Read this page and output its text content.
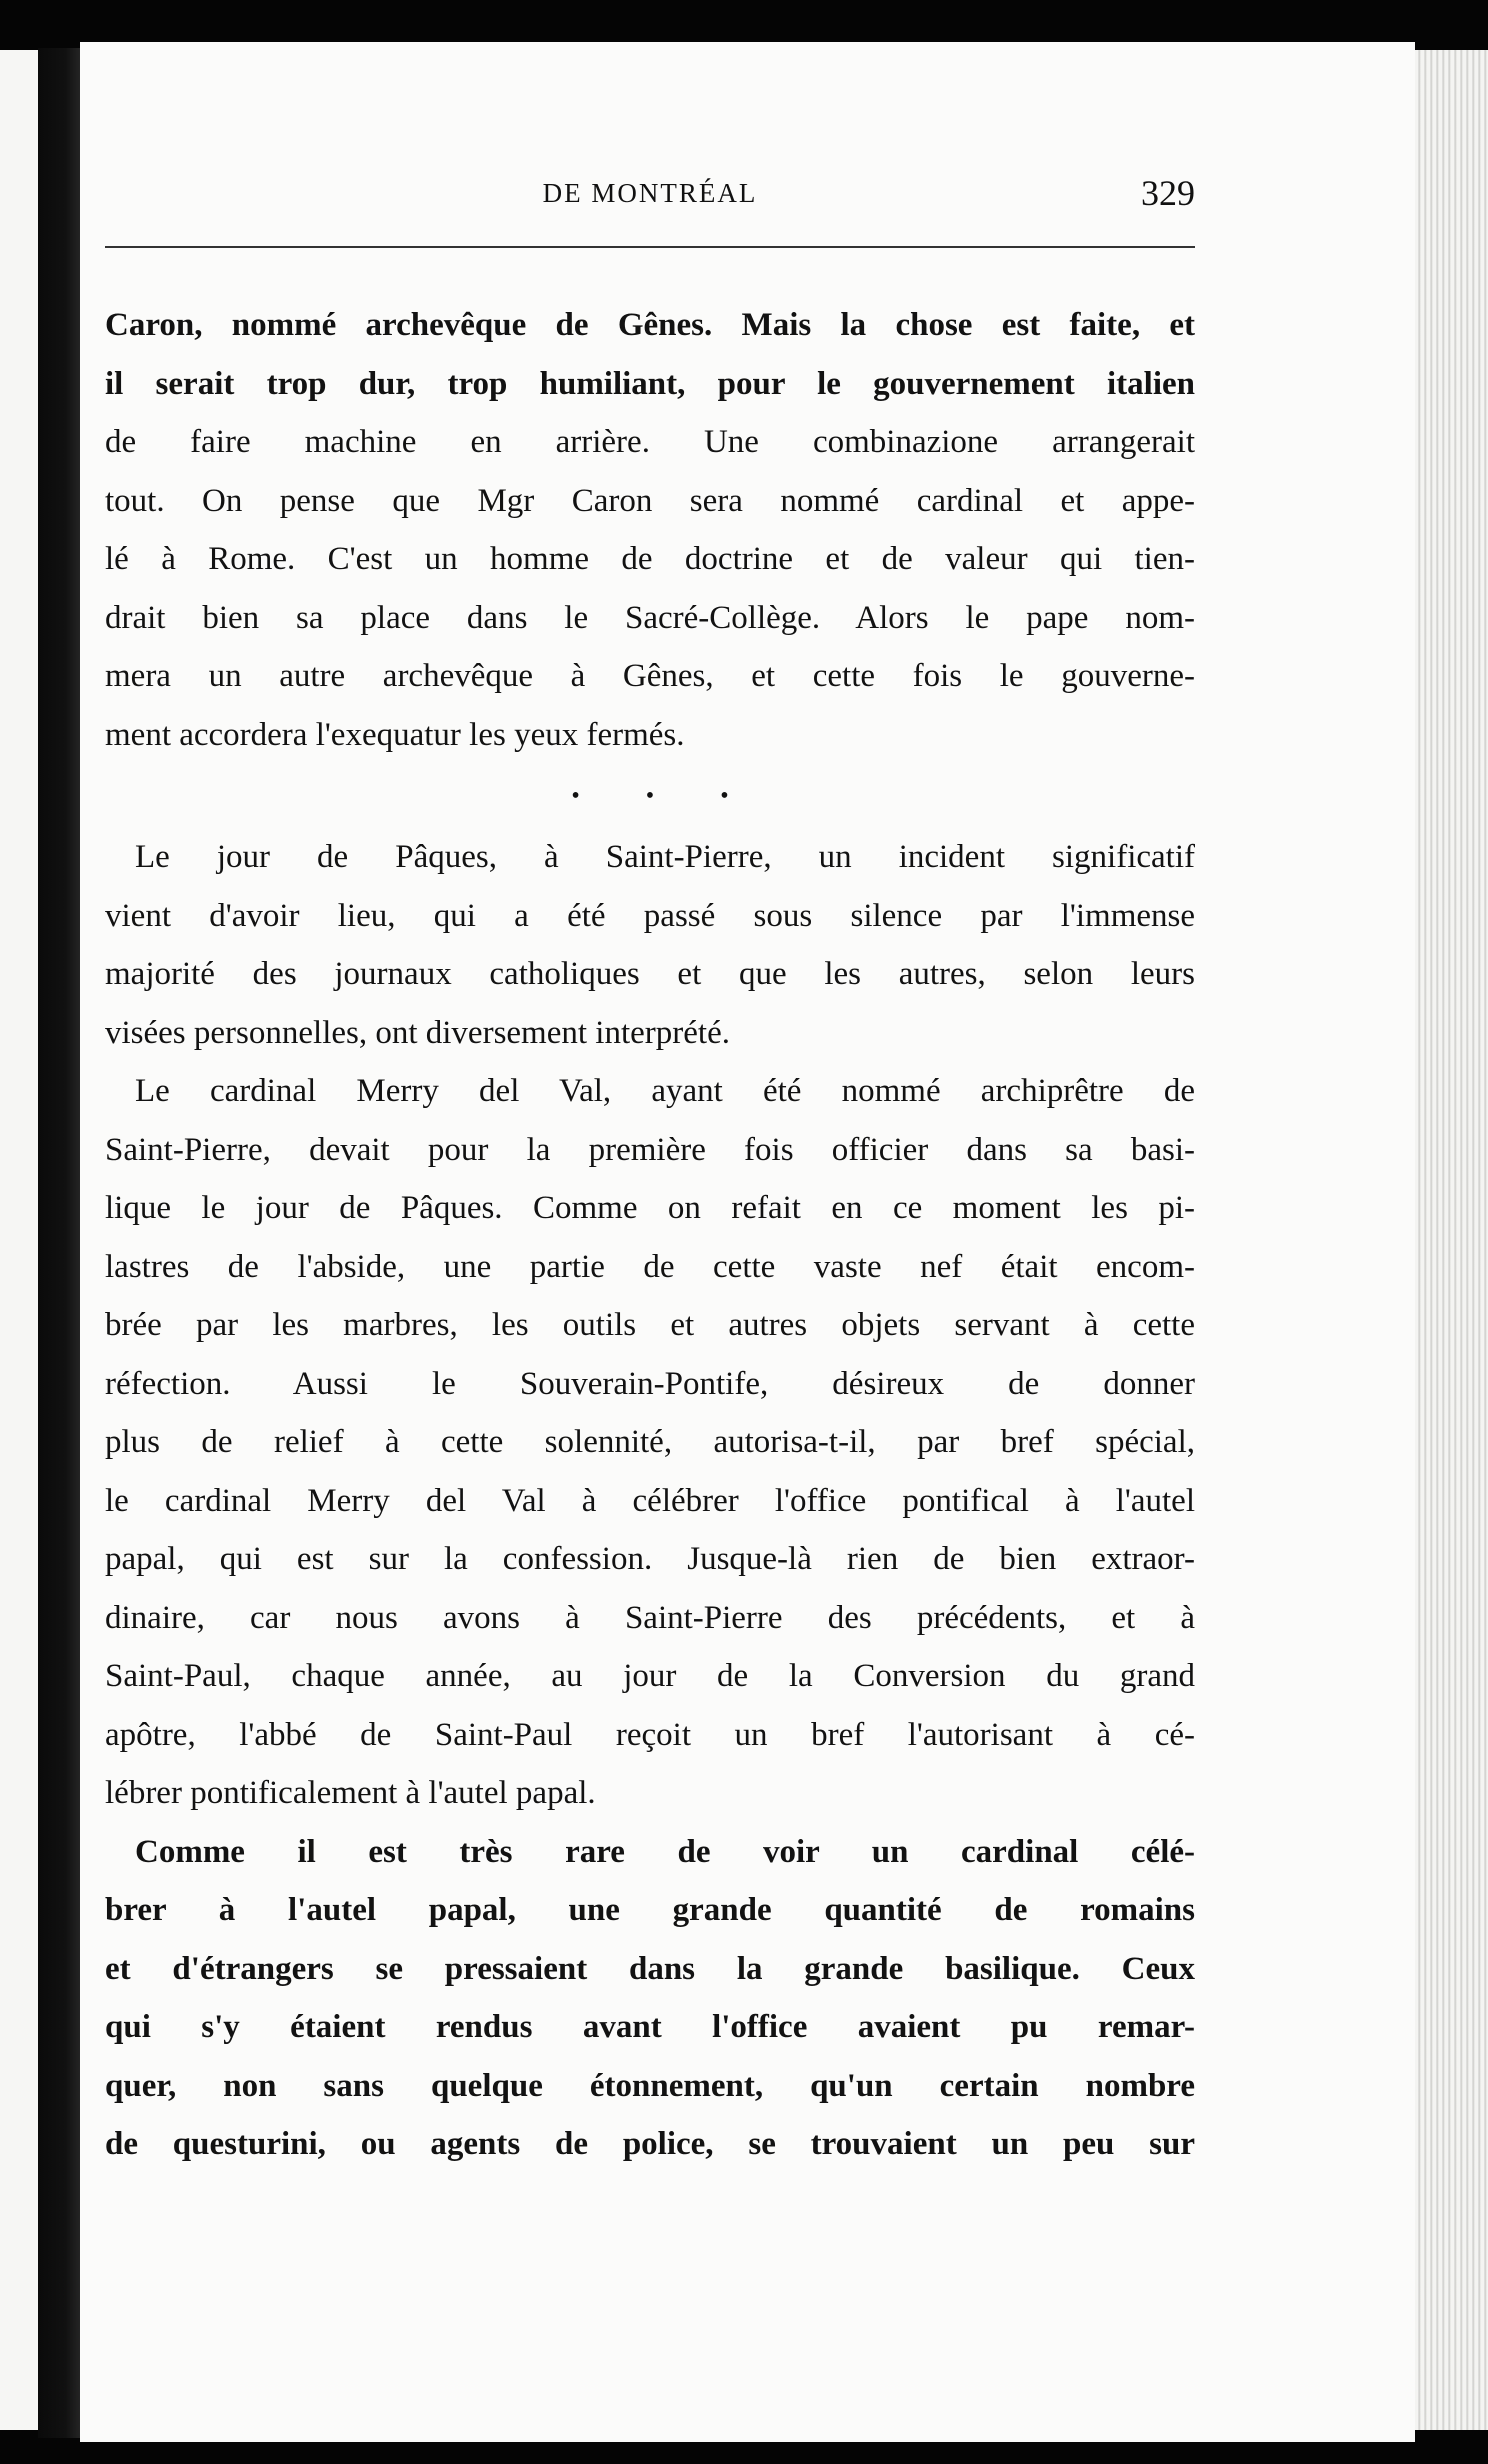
DE MONTRÉAL	329
Caron, nommé archevêque de Gênes. Mais la chose est faite, et
il serait trop dur, trop humiliant, pour le gouvernement italien
de faire machine en arrière. Une combinazione arrangerait
tout. On pense que Mgr Caron sera nommé cardinal et appe-
lé à Rome. C'est un homme de doctrine et de valeur qui tien-
drait bien sa place dans le Sacré-Collège. Alors le pape nom-
mera un autre archevêque à Gênes, et cette fois le gouverne-
ment accordera l'exequatur les yeux fermés.
• • •
Le jour de Pâques, à Saint-Pierre, un incident significatif
vient d'avoir lieu, qui a été passé sous silence par l'immense
majorité des journaux catholiques et que les autres, selon leurs
visées personnelles, ont diversement interprété.
Le cardinal Merry del Val, ayant été nommé archiprêtre de
Saint-Pierre, devait pour la première fois officier dans sa basi-
lique le jour de Pâques. Comme on refait en ce moment les pi-
lastres de l'abside, une partie de cette vaste nef était encom-
brée par les marbres, les outils et autres objets servant à cette
réfection. Aussi le Souverain-Pontife, désireux de donner
plus de relief à cette solennité, autorisa-t-il, par bref spécial,
le cardinal Merry del Val à célébrer l'office pontifical à l'autel
papal, qui est sur la confession. Jusque-là rien de bien extraor-
dinaire, car nous avons à Saint-Pierre des précédents, et à
Saint-Paul, chaque année, au jour de la Conversion du grand
apôtre, l'abbé de Saint-Paul reçoit un bref l'autorisant à cé-
lébrer pontificalement à l'autel papal.
Comme il est très rare de voir un cardinal célé-
brer à l'autel papal, une grande quantité de romains
et d'étrangers se pressaient dans la grande basilique. Ceux
qui s'y étaient rendus avant l'office avaient pu remar-
quer, non sans quelque étonnement, qu'un certain nombre
de questurini, ou agents de police, se trouvaient un peu sur
